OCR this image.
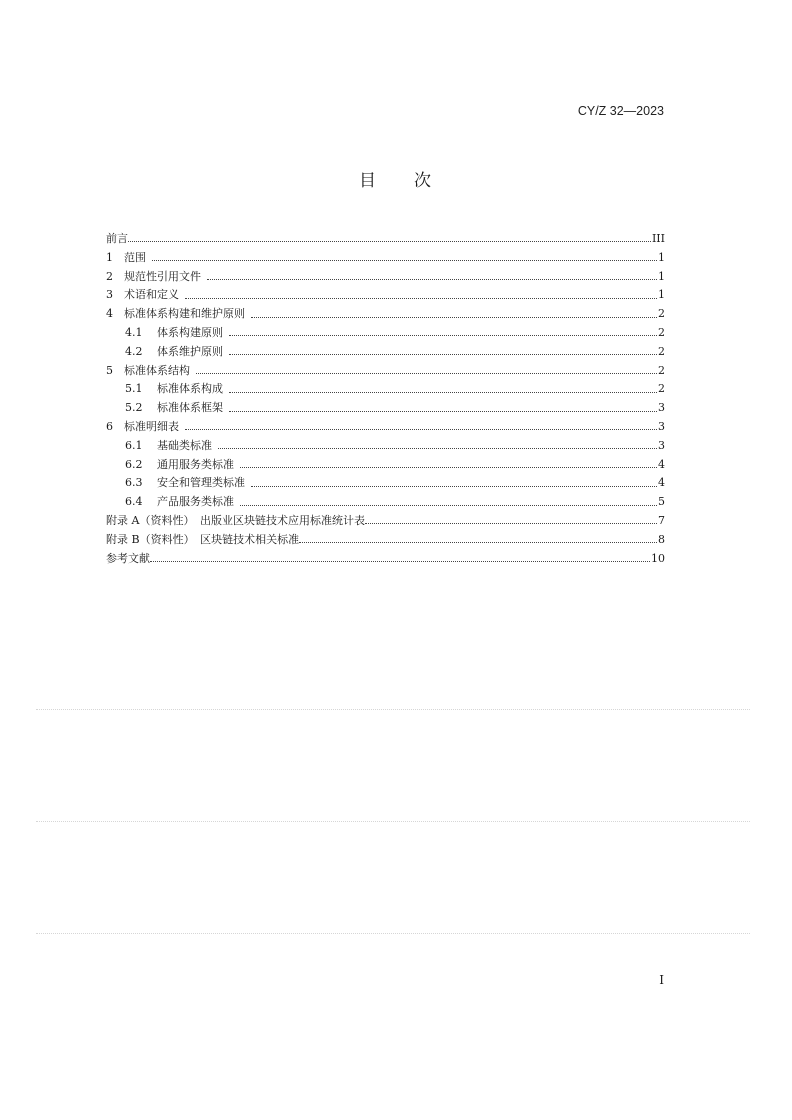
CY/Z 32—2023
目 次
前言	III
1	范围	1
2	规范性引用文件	1
3	术语和定义	1
4	标准体系构建和维护原则	2
4.1	体系构建原则	2
4.2	体系维护原则	2
5	标准体系结构	2
5.1	标准体系构成	2
5.2	标准体系框架	3
6	标准明细表	3
6.1	基础类标准	3
6.2	通用服务类标准	4
6.3	安全和管理类标准	4
6.4	产品服务类标准	5
附录 A（资料性）　出版业区块链技术应用标准统计表	7
附录 B（资料性）　区块链技术相关标准	8
参考文献	10
I
